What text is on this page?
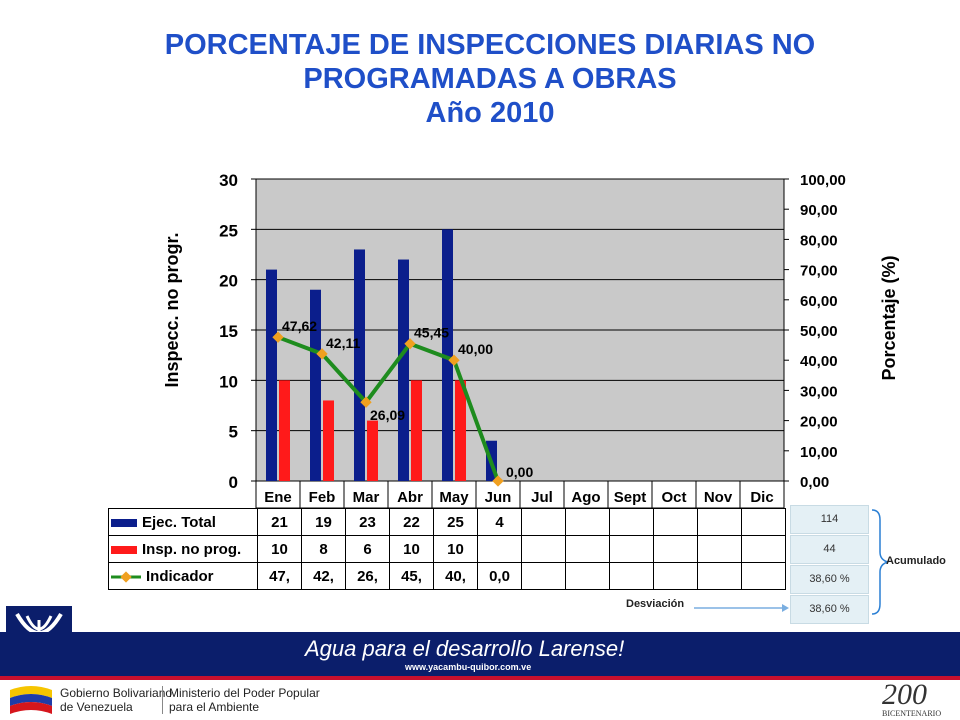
PORCENTAJE DE INSPECCIONES DIARIAS NO
PROGRAMADAS A OBRAS
Año 2010
0
5
10
15
20
25
30
0,00
10,00
20,00
30,00
40,00
50,00
60,00
70,00
80,00
90,00
100,00
Inspecc. no progr.	Porcentaje (%)
Ene Feb Mar Abr May Jun Jul Ago Sept Oct Nov Dic
47,62
42,11
26,09
45,45
40,00
0,00
Ejec. Total	21	19	23	22	25	4						
Insp. no prog.	10	8	6	10	10							
Indicador	47,	42,	26,	45,	40,	0,0						
114
44
38,60 %
38,60 %
Acumulado
Desviación
Agua para el desarrollo Larense!
www.yacambu-quibor.com.ve
Gobierno Bolivariano
de Venezuela
Ministerio del Poder Popular
para el Ambiente	200
BICENTENARIO
